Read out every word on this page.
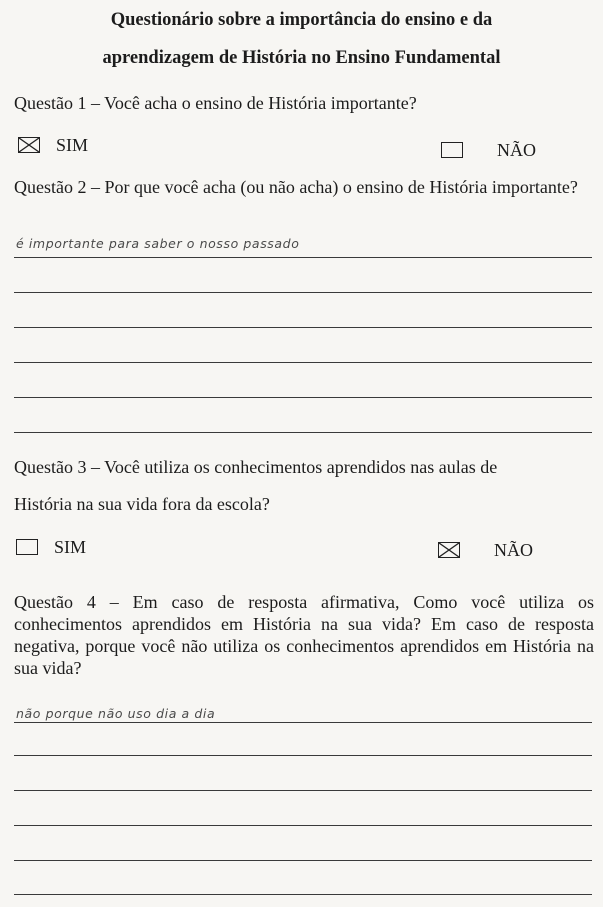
Questionário sobre a importância do ensino e da
aprendizagem de História no Ensino Fundamental
Questão 1 – Você acha o ensino de História importante?
SIM	NÃO
Questão 2 – Por que você acha (ou não acha) o ensino de História importante?
é importante para saber o nosso passado
Questão 3 – Você utiliza os conhecimentos aprendidos nas aulas de
História na sua vida fora da escola?
SIM	NÃO
Questão 4 – Em caso de resposta afirmativa, Como você utiliza os conhecimentos aprendidos em História na sua vida? Em caso de resposta negativa, porque você não utiliza os conhecimentos aprendidos em História na sua vida?
não porque não uso dia a dia
